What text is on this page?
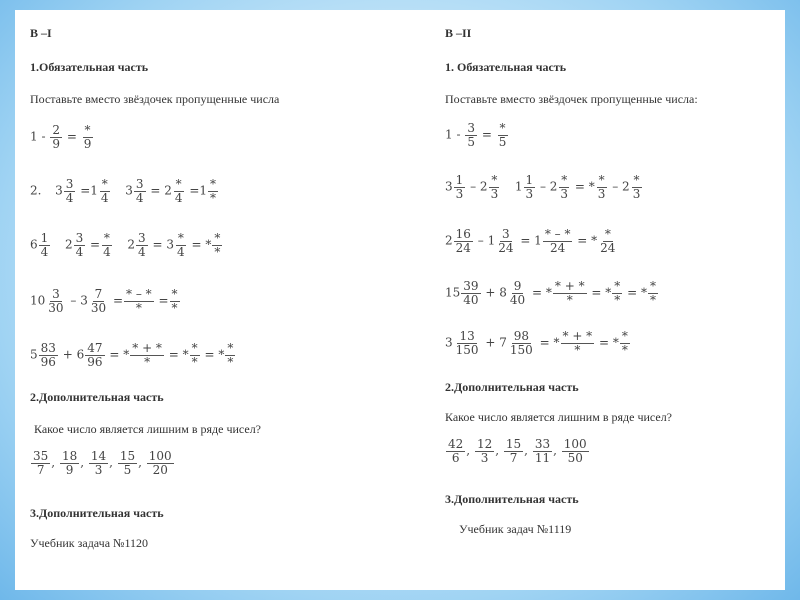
В –I
1.Обязательная часть
Поставьте вместо звёздочек пропущенные числа
$1 - \frac{2}{9} = \frac{*}{9}$
2. $3 \frac{3}{4} =1 \frac{*}{4} 3 \frac{3}{4} = 2 \frac{*}{4} =1 \frac{*}{*}$
$6 \frac{1}{4} 2 \frac{3}{4} = \frac{*}{4} 2 \frac{3}{4} = 3 \frac{*}{4}$ = * $\frac{*}{*}$
$10 \frac{3}{30} - 3 \frac{7}{30} = \frac{* - *}{*} = \frac{*}{*}$
$5 \frac{83}{96} + 6 \frac{47}{96}$ = * $\frac{* + *}{*}$ = * $\frac{*}{*}$ = * $\frac{*}{*}$
2.Дополнительная часть
Какое число является лишним в ряде чисел?
$\frac{35}{7}$ , $\frac{18}{9}$ , $\frac{14}{3}$ , $\frac{15}{5}$ , $\frac{100}{20}$
3.Дополнительная часть
Учебник задача №1120
В –II
1. Обязательная часть
Поставьте вместо звёздочек пропущенные числа:
$1 - \frac{3}{5} = \frac{*}{5}$
$3 \frac{1}{3} - 2 \frac{*}{3} 1 \frac{1}{3} - 2 \frac{*}{3}$ = * $\frac{*}{3} - 2 \frac{*}{3}$
$2 \frac{16}{24} - 1 \frac{3}{24} = 1 \frac{* - *}{24}$ = * $\frac{*}{24}$
$15 \frac{39}{40} + 8 \frac{9}{40}$ = * $\frac{* + *}{*}$ = * $\frac{*}{*}$ = * $\frac{*}{*}$
$3 \frac{13}{150} + 7 \frac{98}{150}$ = * $\frac{* + *}{*}$ = * $\frac{*}{*}$
2.Дополнительная часть
Какое число является лишним в ряде чисел?
$\frac{42}{6}$ , $\frac{12}{3}$ , $\frac{15}{7}$ , $\frac{33}{11}$ , $\frac{100}{50}$
3.Дополнительная часть
Учебник задач №1119
